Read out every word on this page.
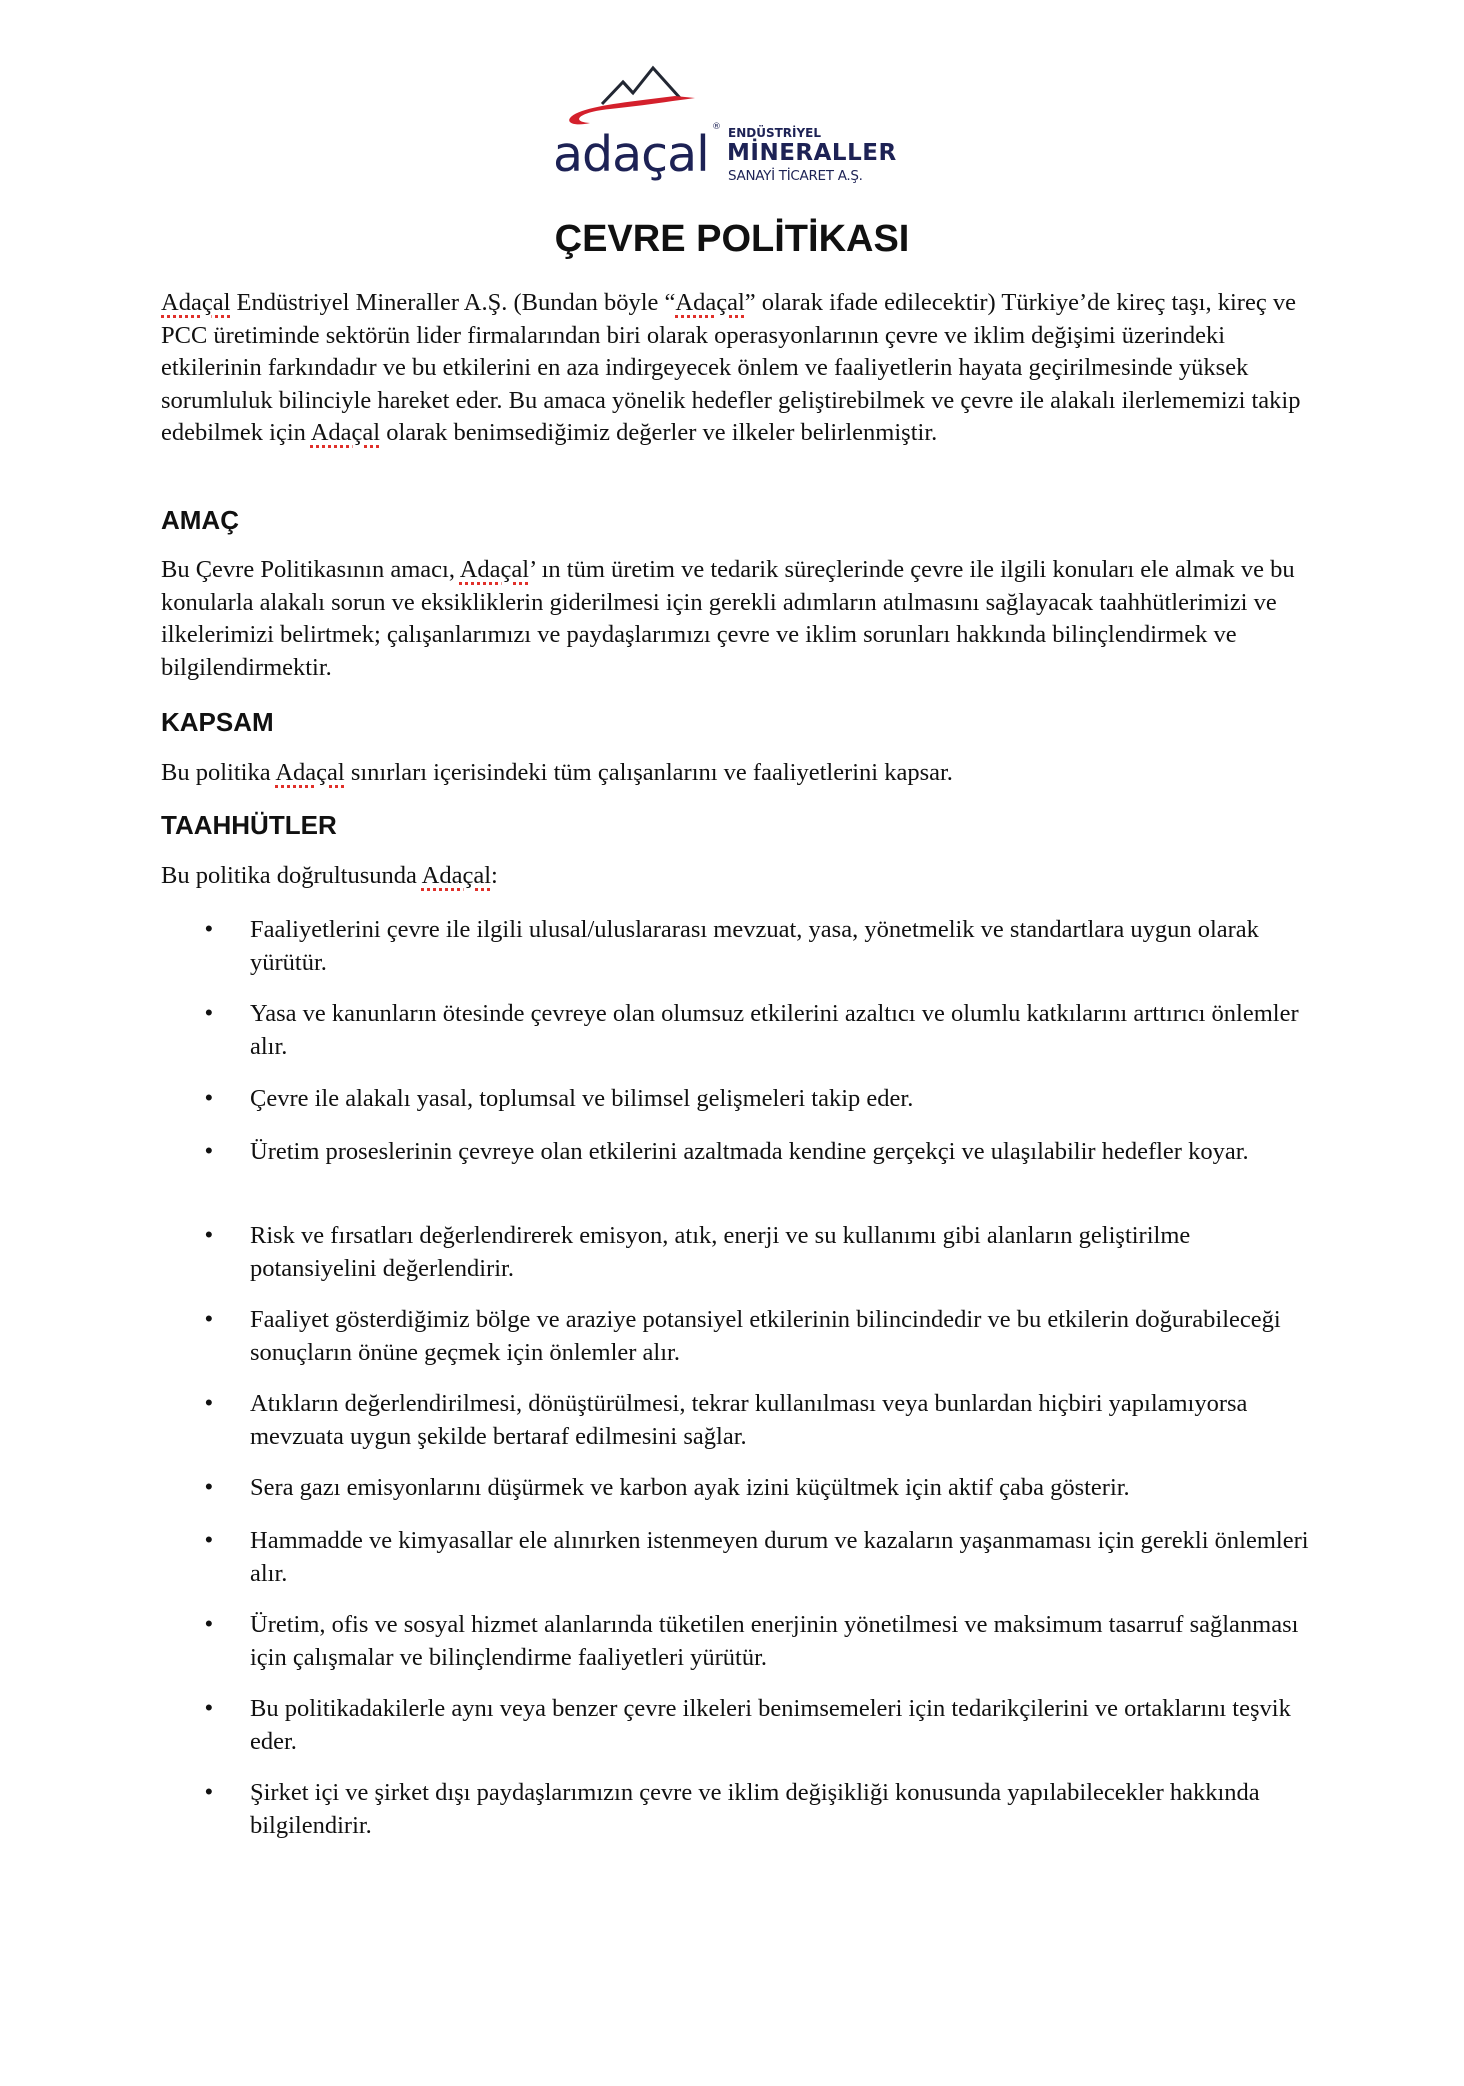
adaçal ® ENDÜSTRİYEL
MİNERALLER
SANAYİ TİCARET A.Ş.
ÇEVRE POLİTİKASI

Adaçal Endüstriyel Mineraller A.Ş. (Bundan böyle “Adaçal” olarak ifade edilecektir) Türkiye’de kireç taşı, kireç ve PCC üretiminde sektörün lider firmalarından biri olarak operasyonlarının çevre ve iklim değişimi üzerindeki etkilerinin farkındadır ve bu etkilerini en aza indirgeyecek önlem ve faaliyetlerin hayata geçirilmesinde yüksek sorumluluk bilinciyle hareket eder. Bu amaca yönelik hedefler geliştirebilmek ve çevre ile alakalı ilerlememizi takip edebilmek için Adaçal olarak benimsediğimiz değerler ve ilkeler belirlenmiştir.

AMAÇ

Bu Çevre Politikasının amacı, Adaçal’ ın tüm üretim ve tedarik süreçlerinde çevre ile ilgili konuları ele almak ve bu konularla alakalı sorun ve eksikliklerin giderilmesi için gerekli adımların atılmasını sağlayacak taahhütlerimizi ve ilkelerimizi belirtmek; çalışanlarımızı ve paydaşlarımızı çevre ve iklim sorunları hakkında bilinçlendirmek ve bilgilendirmektir.

KAPSAM

Bu politika Adaçal sınırları içerisindeki tüm çalışanlarını ve faaliyetlerini kapsar.

TAAHHÜTLER

Bu politika doğrultusunda Adaçal:

• Faaliyetlerini çevre ile ilgili ulusal/uluslararası mevzuat, yasa, yönetmelik ve standartlara uygun olarak yürütür.
• Yasa ve kanunların ötesinde çevreye olan olumsuz etkilerini azaltıcı ve olumlu katkılarını arttırıcı önlemler alır.
• Çevre ile alakalı yasal, toplumsal ve bilimsel gelişmeleri takip eder.
• Üretim proseslerinin çevreye olan etkilerini azaltmada kendine gerçekçi ve ulaşılabilir hedefler koyar.
• Risk ve fırsatları değerlendirerek emisyon, atık, enerji ve su kullanımı gibi alanların geliştirilme potansiyelini değerlendirir.
• Faaliyet gösterdiğimiz bölge ve araziye potansiyel etkilerinin bilincindedir ve bu etkilerin doğurabileceği sonuçların önüne geçmek için önlemler alır.
• Atıkların değerlendirilmesi, dönüştürülmesi, tekrar kullanılması veya bunlardan hiçbiri yapılamıyorsa mevzuata uygun şekilde bertaraf edilmesini sağlar.
• Sera gazı emisyonlarını düşürmek ve karbon ayak izini küçültmek için aktif çaba gösterir.
• Hammadde ve kimyasallar ele alınırken istenmeyen durum ve kazaların yaşanmaması için gerekli önlemleri alır.
• Üretim, ofis ve sosyal hizmet alanlarında tüketilen enerjinin yönetilmesi ve maksimum tasarruf sağlanması için çalışmalar ve bilinçlendirme faaliyetleri yürütür.
• Bu politikadakilerle aynı veya benzer çevre ilkeleri benimsemeleri için tedarikçilerini ve ortaklarını teşvik eder.
• Şirket içi ve şirket dışı paydaşlarımızın çevre ve iklim değişikliği konusunda yapılabilecekler hakkında bilgilendirir.
